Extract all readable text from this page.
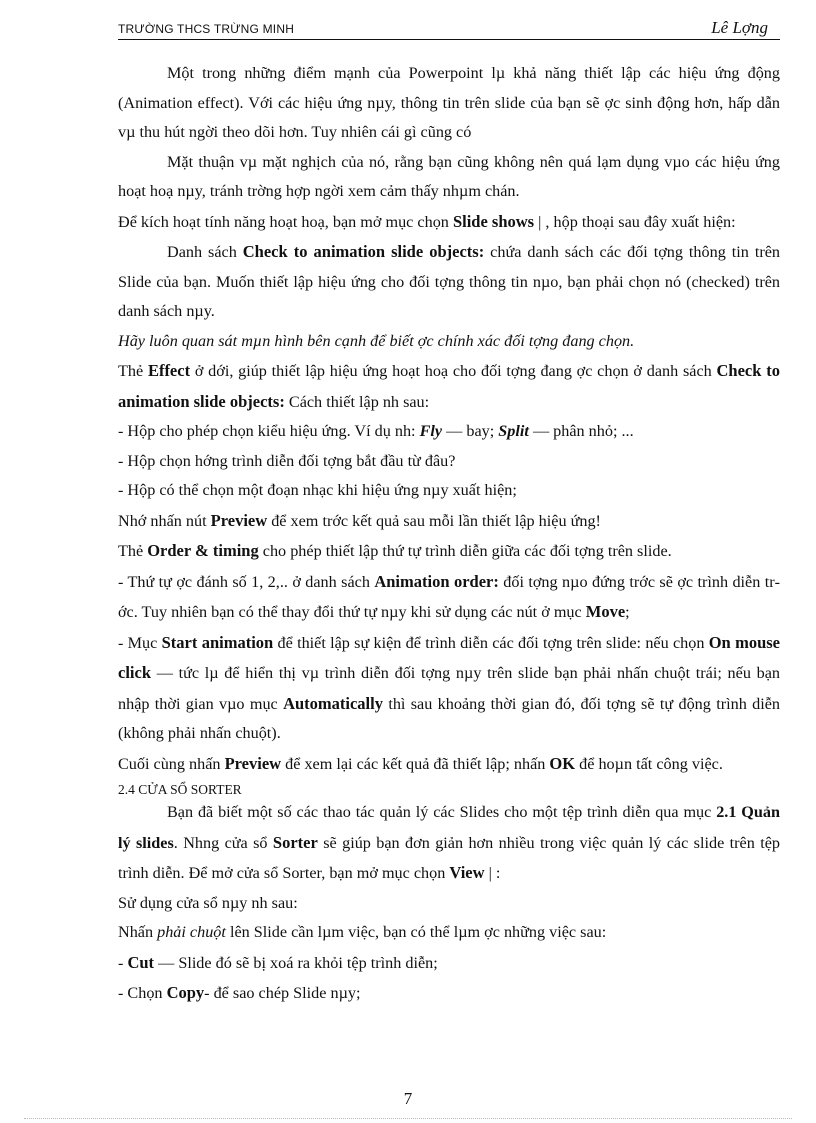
TRƯỜNG THCS TRỪNG MINH	Lê Lợng

Một trong những điểm mạnh của Powerpoint lµ khả năng thiết lập các hiệu ứng động (Animation effect). Với các hiệu ứng nµy, thông tin trên slide của bạn sẽ ợc sinh động hơn, hấp dẫn vµ thu hút ngời theo dõi hơn. Tuy nhiên cái gì cũng có

Mặt thuận vµ mặt nghịch của nó, rằng bạn cũng không nên quá lạm dụng vµo các hiệu ứng hoạt hoạ nµy, tránh trờng hợp ngời xem cảm thấy nhµm chán.

Để kích hoạt tính năng hoạt hoạ, bạn mở mục chọn Slide shows | , hộp thoại sau đây xuất hiện:

Danh sách Check to animation slide objects: chứa danh sách các đối tợng thông tin trên Slide của bạn. Muốn thiết lập hiệu ứng cho đối tợng thông tin nµo, bạn phải chọn nó (checked) trên danh sách nµy.

Hãy luôn quan sát mµn hình bên cạnh để biết ợc chính xác đối tợng đang chọn.

Thẻ Effect ở dới, giúp thiết lập hiệu ứng hoạt hoạ cho đối tợng đang ợc chọn ở danh sách Check to animation slide objects: Cách thiết lập nh sau:

- Hộp cho phép chọn kiểu hiệu ứng. Ví dụ nh: Fly — bay; Split — phân nhỏ; ...

- Hộp chọn hớng trình diễn đối tợng bắt đầu từ đâu?

- Hộp có thể chọn một đoạn nhạc khi hiệu ứng nµy xuất hiện;

Nhớ nhấn nút Preview để xem trớc kết quả sau mỗi lần thiết lập hiệu ứng!

Thẻ Order & timing cho phép thiết lập thứ tự trình diễn giữa các đối tợng trên slide.

- Thứ tự ợc đánh số 1, 2,.. ở danh sách Animation order: đối tợng nµo đứng trớc sẽ ợc trình diễn trớc. Tuy nhiên bạn có thể thay đổi thứ tự nµy khi sử dụng các nút ở mục Move;

- Mục Start animation để thiết lập sự kiện để trình diễn các đối tợng trên slide: nếu chọn On mouse click — tức lµ để hiển thị vµ trình diễn đối tợng nµy trên slide bạn phải nhấn chuột trái; nếu bạn nhập thời gian vµo mục Automatically thì sau khoảng thời gian đó, đối tợng sẽ tự động trình diễn (không phải nhấn chuột).

Cuối cùng nhấn Preview để xem lại các kết quả đã thiết lập; nhấn OK để hoµn tất công việc.

2.4 CỬA SỔ SORTER

Bạn đã biết một số các thao tác quản lý các Slides cho một tệp trình diễn qua mục 2.1 Quản lý slides. Nhng cửa sổ Sorter sẽ giúp bạn đơn giản hơn nhiều trong việc quản lý các slide trên tệp trình diễn. Để mở cửa sổ Sorter, bạn mở mục chọn View | :

Sử dụng cửa sổ nµy nh sau:

Nhấn phải chuột lên Slide cần lµm việc, bạn có thể lµm ợc những việc sau:

- Cut — Slide đó sẽ bị xoá ra khỏi tệp trình diễn;

- Chọn Copy- để sao chép Slide nµy;

7
